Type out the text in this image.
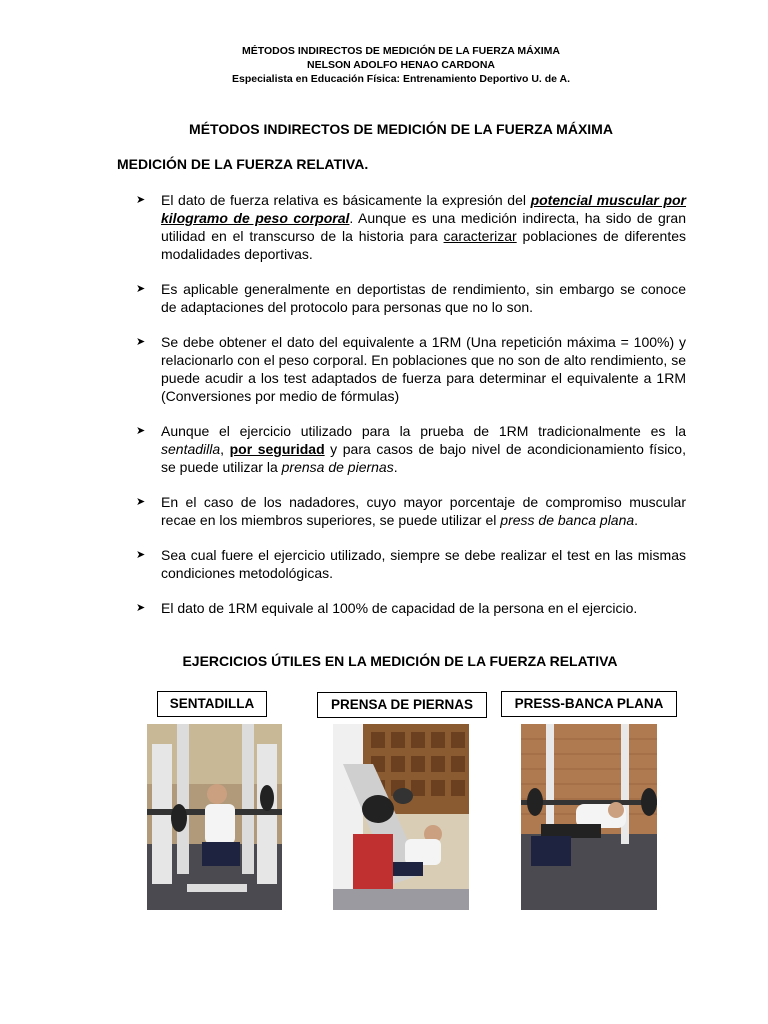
MÉTODOS INDIRECTOS DE MEDICIÓN DE LA FUERZA MÁXIMA
NELSON ADOLFO HENAO CARDONA
Especialista en Educación Física: Entrenamiento Deportivo U. de A.
MÉTODOS INDIRECTOS DE MEDICIÓN DE LA FUERZA MÁXIMA
MEDICIÓN DE LA FUERZA RELATIVA.
➤ El dato de fuerza relativa es básicamente la expresión del potencial muscular por kilogramo de peso corporal. Aunque es una medición indirecta, ha sido de gran utilidad en el transcurso de la historia para caracterizar poblaciones de diferentes modalidades deportivas.
➤ Es aplicable generalmente en deportistas de rendimiento, sin embargo se conoce de adaptaciones del protocolo para personas que no lo son.
➤ Se debe obtener el dato del equivalente a 1RM (Una repetición máxima = 100%) y relacionarlo con el peso corporal. En poblaciones que no son de alto rendimiento, se puede acudir a los test adaptados de fuerza para determinar el equivalente a 1RM (Conversiones por medio de fórmulas)
➤ Aunque el ejercicio utilizado para la prueba de 1RM tradicionalmente es la sentadilla, por seguridad y para casos de bajo nivel de acondicionamiento físico, se puede utilizar la prensa de piernas.
➤ En el caso de los nadadores, cuyo mayor porcentaje de compromiso muscular recae en los miembros superiores, se puede utilizar el press de banca plana.
➤ Sea cual fuere el ejercicio utilizado, siempre se debe realizar el test en las mismas condiciones metodológicas.
➤ El dato de 1RM equivale al 100% de capacidad de la persona en el ejercicio.
EJERCICIOS ÚTILES EN LA MEDICIÓN DE LA FUERZA RELATIVA
SENTADILLA	PRENSA DE PIERNAS	PRESS-BANCA PLANA
